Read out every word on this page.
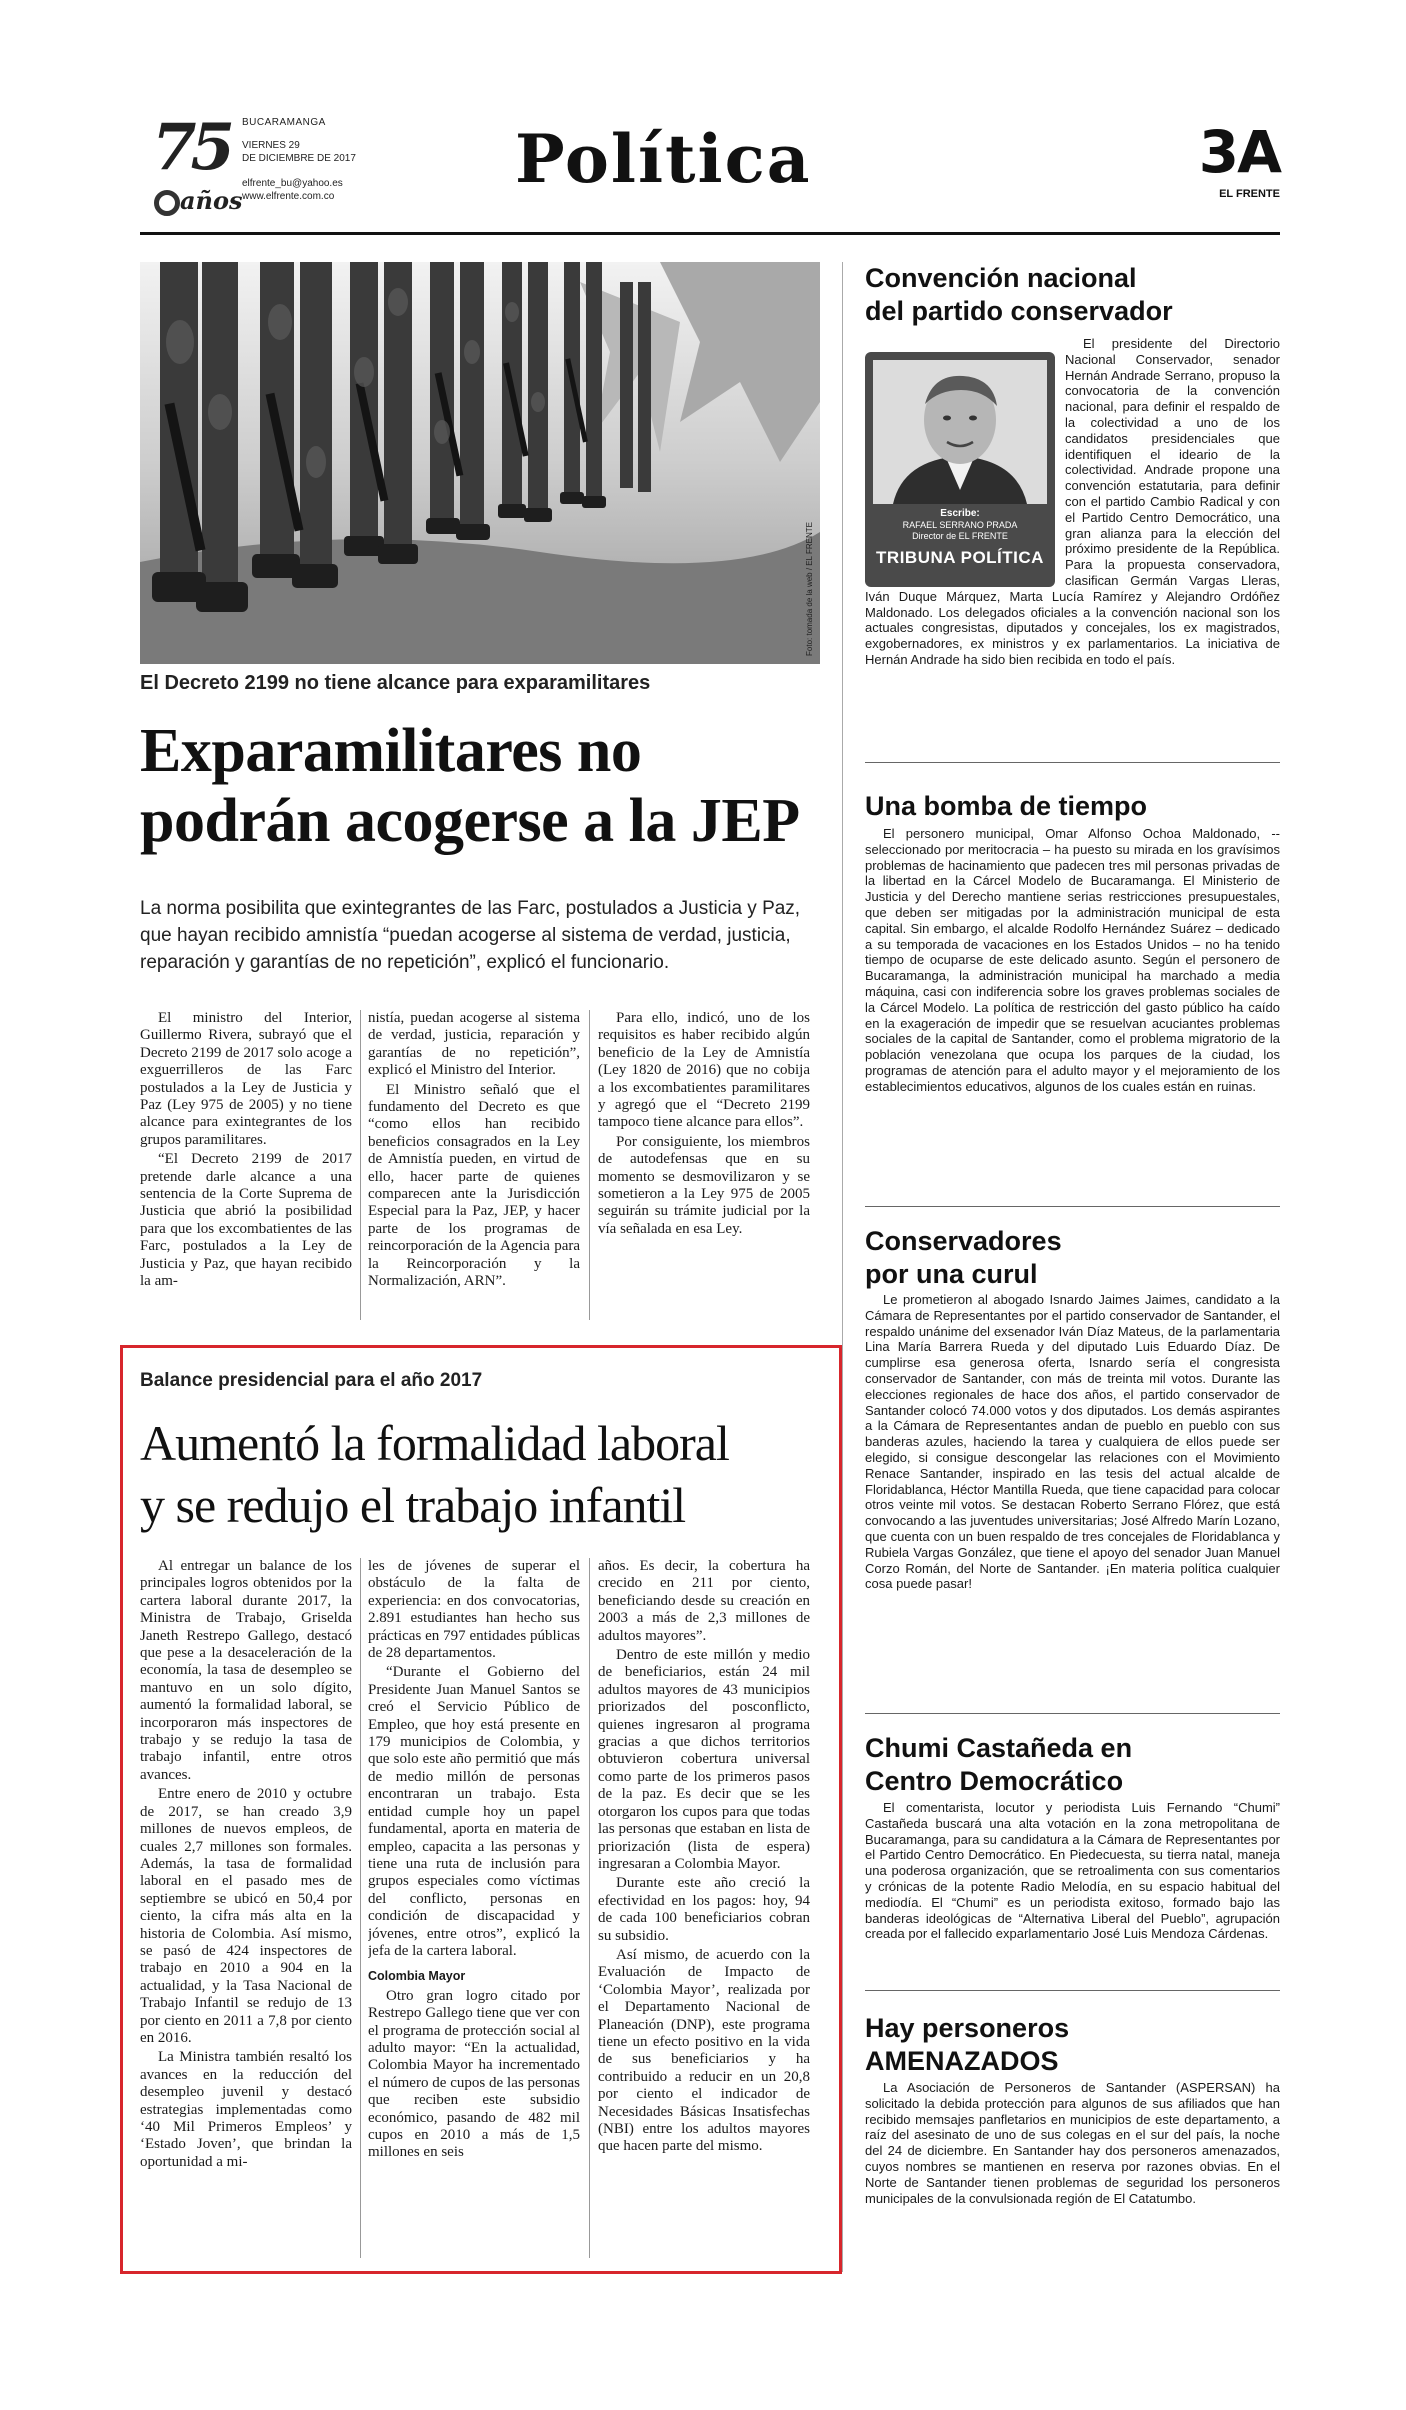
75
años
BUCARAMANGA
VIERNES 29
DE DICIEMBRE DE 2017
elfrente_bu@yahoo.es
www.elfrente.com.co	Política	3A
EL FRENTE
Foto: tomada de la web / EL FRENTE
El Decreto 2199 no tiene alcance para exparamilitares
Exparamilitares no
podrán acogerse a la JEP
La norma posibilita que exintegrantes de las Farc, postulados a Justicia y Paz, que hayan recibido amnistía “puedan acogerse al sistema de verdad, justicia, reparación y garantías de no repetición”, explicó el funcionario.

El ministro del Interior, Guillermo Rivera, subrayó que el Decreto 2199 de 2017 solo acoge a exguerrilleros de las Farc postulados a la Ley de Justicia y Paz (Ley 975 de 2005) y no tiene alcance para exintegrantes de los grupos paramilitares.

“El Decreto 2199 de 2017 pretende darle alcance a una sentencia de la Corte Suprema de Justicia que abrió la posibilidad para que los excombatientes de las Farc, postulados a la Ley de Justicia y Paz, que hayan recibido la am-

nistía, puedan acogerse al sistema de verdad, justicia, reparación y garantías de no repetición”, explicó el Ministro del Interior.

El Ministro señaló que el fundamento del Decreto es que “como ellos han recibido beneficios consagrados en la Ley de Amnistía pueden, en virtud de ello, hacer parte de quienes comparecen ante la Jurisdicción Especial para la Paz, JEP, y hacer parte de los programas de reincorporación de la Agencia para la Reincorporación y la Normalización, ARN”.

Para ello, indicó, uno de los requisitos es haber recibido algún beneficio de la Ley de Amnistía (Ley 1820 de 2016) que no cobija a los excombatientes paramilitares y agregó que el “Decreto 2199 tampoco tiene alcance para ellos”.

Por consiguiente, los miembros de autodefensas que en su momento se desmovilizaron y se sometieron a la Ley 975 de 2005 seguirán su trámite judicial por la vía señalada en esa Ley.

Balance presidencial para el año 2017
Aumentó la formalidad laboral
y se redujo el trabajo infantil

Al entregar un balance de los principales logros obtenidos por la cartera laboral durante 2017, la Ministra de Trabajo, Griselda Janeth Restrepo Gallego, destacó que pese a la desaceleración de la economía, la tasa de desempleo se mantuvo en un solo dígito, aumentó la formalidad laboral, se incorporaron más inspectores de trabajo y se redujo la tasa de trabajo infantil, entre otros avances.

Entre enero de 2010 y octubre de 2017, se han creado 3,9 millones de nuevos empleos, de cuales 2,7 millones son formales. Además, la tasa de formalidad laboral en el pasado mes de septiembre se ubicó en 50,4 por ciento, la cifra más alta en la historia de Colombia. Así mismo, se pasó de 424 inspectores de trabajo en 2010 a 904 en la actualidad, y la Tasa Nacional de Trabajo Infantil se redujo de 13 por ciento en 2011 a 7,8 por ciento en 2016.

La Ministra también resaltó los avances en la reducción del desempleo juvenil y destacó estrategias implementadas como ‘40 Mil Primeros Empleos’ y ‘Estado Joven’, que brindan la oportunidad a mi-

les de jóvenes de superar el obstáculo de la falta de experiencia: en dos convocatorias, 2.891 estudiantes han hecho sus prácticas en 797 entidades públicas de 28 departamentos.

“Durante el Gobierno del Presidente Juan Manuel Santos se creó el Servicio Público de Empleo, que hoy está presente en 179 municipios de Colombia, y que solo este año permitió que más de medio millón de personas encontraran un trabajo. Esta entidad cumple hoy un papel fundamental, aporta en materia de empleo, capacita a las personas y tiene una ruta de inclusión para grupos especiales como víctimas del conflicto, personas en condición de discapacidad y jóvenes, entre otros”, explicó la jefa de la cartera laboral.

Colombia Mayor

Otro gran logro citado por Restrepo Gallego tiene que ver con el programa de protección social al adulto mayor: “En la actualidad, Colombia Mayor ha incrementado el número de cupos de las personas que reciben este subsidio económico, pasando de 482 mil cupos en 2010 a más de 1,5 millones en seis

años. Es decir, la cobertura ha crecido en 211 por ciento, beneficiando desde su creación en 2003 a más de 2,3 millones de adultos mayores”.

Dentro de este millón y medio de beneficiarios, están 24 mil adultos mayores de 43 municipios priorizados del posconflicto, quienes ingresaron al programa gracias a que dichos territorios obtuvieron cobertura universal como parte de los primeros pasos de la paz. Es decir que se les otorgaron los cupos para que todas las personas que estaban en lista de priorización (lista de espera) ingresaran a Colombia Mayor.

Durante este año creció la efectividad en los pagos: hoy, 94 de cada 100 beneficiarios cobran su subsidio.

Así mismo, de acuerdo con la Evaluación de Impacto de ‘Colombia Mayor’, realizada por el Departamento Nacional de Planeación (DNP), este programa tiene un efecto positivo en la vida de sus beneficiarios y ha contribuido a reducir en un 20,8 por ciento el indicador de Necesidades Básicas Insatisfechas (NBI) entre los adultos mayores que hacen parte del mismo.

Convención nacional
del partido conservador
Escribe:
RAFAEL SERRANO PRADA
Director de EL FRENTE
TRIBUNA POLÍTICA

El presidente del Directorio Nacional Conservador, senador Hernán Andrade Serrano, propuso la convocatoria de la convención nacional, para definir el respaldo de la colectividad a uno de los candidatos presidenciales que identifiquen el ideario de la colectividad. Andrade propone una convención estatutaria, para definir con el partido Cambio Radical y con el Partido Centro Democrático, una gran alianza para la elección del próximo presidente de la República. Para la propuesta conservadora, clasifican Germán Vargas Lleras, Iván Duque Márquez, Marta Lucía Ramírez y Alejandro Ordóñez Maldonado. Los delegados oficiales a la convención nacional son los actuales congresistas, diputados y concejales, los ex magistrados, exgobernadores, ex ministros y ex parlamentarios. La iniciativa de Hernán Andrade ha sido bien recibida en todo el país.

Una bomba de tiempo

El personero municipal, Omar Alfonso Ochoa Maldonado, -- seleccionado por meritocracia – ha puesto su mirada en los gravísimos problemas de hacinamiento que padecen tres mil personas privadas de la libertad en la Cárcel Modelo de Bucaramanga. El Ministerio de Justicia y del Derecho mantiene serias restricciones presupuestales, que deben ser mitigadas por la administración municipal de esta capital. Sin embargo, el alcalde Rodolfo Hernández Suárez – dedicado a su temporada de vacaciones en los Estados Unidos – no ha tenido tiempo de ocuparse de este delicado asunto. Según el personero de Bucaramanga, la administración municipal ha marchado a media máquina, casi con indiferencia sobre los graves problemas sociales de la Cárcel Modelo. La política de restricción del gasto público ha caído en la exageración de impedir que se resuelvan acuciantes problemas sociales de la capital de Santander, como el problema migratorio de la población venezolana que ocupa los parques de la ciudad, los programas de atención para el adulto mayor y el mejoramiento de los establecimientos educativos, algunos de los cuales están en ruinas.

Conservadores
por una curul

Le prometieron al abogado Isnardo Jaimes Jaimes, candidato a la Cámara de Representantes por el partido conservador de Santander, el respaldo unánime del exsenador Iván Díaz Mateus, de la parlamentaria Lina María Barrera Rueda y del diputado Luis Eduardo Díaz. De cumplirse esa generosa oferta, Isnardo sería el congresista conservador de Santander, con más de treinta mil votos. Durante las elecciones regionales de hace dos años, el partido conservador de Santander colocó 74.000 votos y dos diputados. Los demás aspirantes a la Cámara de Representantes andan de pueblo en pueblo con sus banderas azules, haciendo la tarea y cualquiera de ellos puede ser elegido, si consigue descongelar las relaciones con el Movimiento Renace Santander, inspirado en las tesis del actual alcalde de Floridablanca, Héctor Mantilla Rueda, que tiene capacidad para colocar otros veinte mil votos. Se destacan Roberto Serrano Flórez, que está convocando a las juventudes universitarias; José Alfredo Marín Lozano, que cuenta con un buen respaldo de tres concejales de Floridablanca y Rubiela Vargas González, que tiene el apoyo del senador Juan Manuel Corzo Román, del Norte de Santander. ¡En materia política cualquier cosa puede pasar!

Chumi Castañeda en
Centro Democrático

El comentarista, locutor y periodista Luis Fernando “Chumi” Castañeda buscará una alta votación en la zona metropolitana de Bucaramanga, para su candidatura a la Cámara de Representantes por el Partido Centro Democrático. En Piedecuesta, su tierra natal, maneja una poderosa organización, que se retroalimenta con sus comentarios y crónicas de la potente Radio Melodía, en su espacio habitual del mediodía. El “Chumi” es un periodista exitoso, formado bajo las banderas ideológicas de “Alternativa Liberal del Pueblo”, agrupación creada por el fallecido exparlamentario José Luis Mendoza Cárdenas.

Hay personeros
AMENAZADOS

La Asociación de Personeros de Santander (ASPERSAN) ha solicitado la debida protección para algunos de sus afiliados que han recibido memsajes panfletarios en municipios de este departamento, a raíz del asesinato de uno de sus colegas en el sur del país, la noche del 24 de diciembre. En Santander hay dos personeros amenazados, cuyos nombres se mantienen en reserva por razones obvias. En el Norte de Santander tienen problemas de seguridad los personeros municipales de la convulsionada región de El Catatumbo.
